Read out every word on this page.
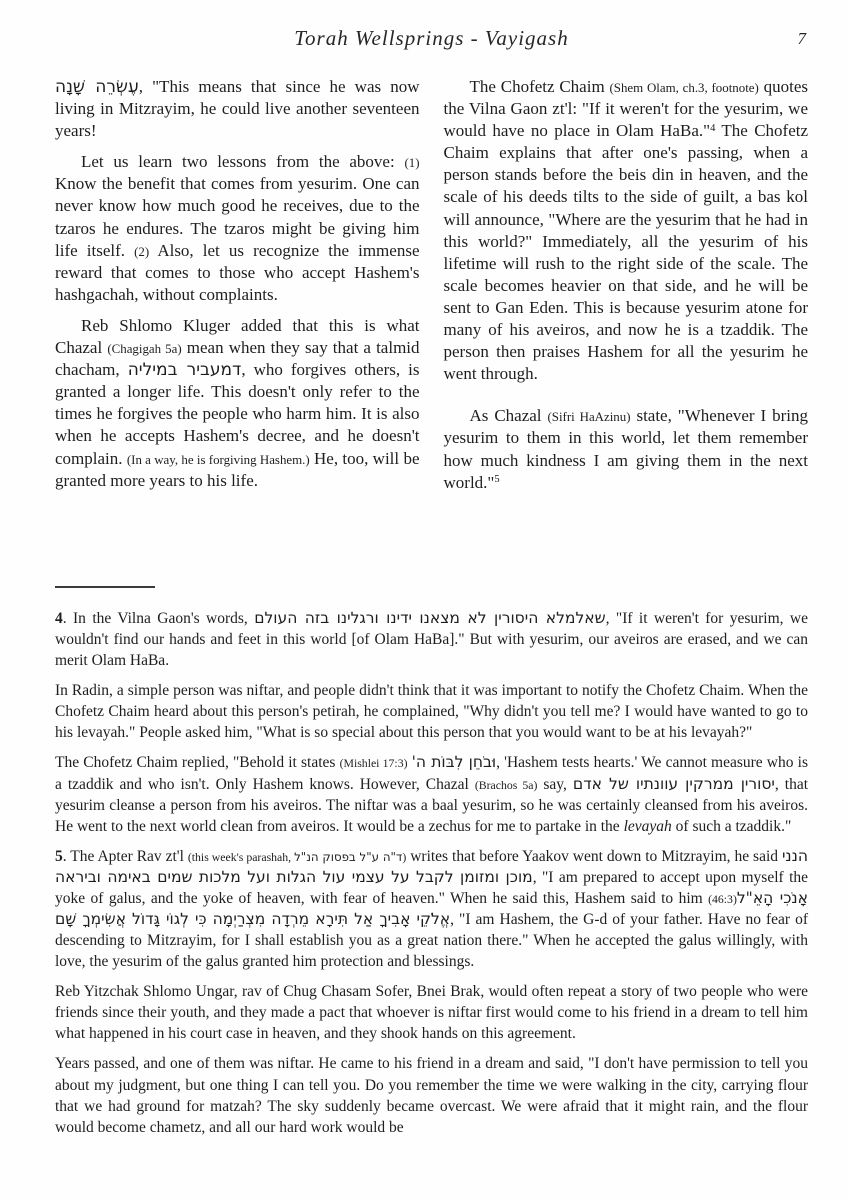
Torah Wellsprings - Vayigash	7

עֶשְׂרֵה שָׁנָה, "This means that since he was now living in Mitzrayim, he could live another seventeen years!

Let us learn two lessons from the above: (1) Know the benefit that comes from yesurim. One can never know how much good he receives, due to the tzaros he endures. The tzaros might be giving him life itself. (2) Also, let us recognize the immense reward that comes to those who accept Hashem's hashgachah, without complaints.

Reb Shlomo Kluger added that this is what Chazal (Chagigah 5a) mean when they say that a talmid chacham, דמעביר במיליה, who forgives others, is granted a longer life. This doesn't only refer to the times he forgives the people who harm him. It is also when he accepts Hashem's decree, and he doesn't complain. (In a way, he is forgiving Hashem.) He, too, will be granted more years to his life.

The Chofetz Chaim (Shem Olam, ch.3, footnote) quotes the Vilna Gaon zt'l: "If it weren't for the yesurim, we would have no place in Olam HaBa."$^4$ The Chofetz Chaim explains that after one's passing, when a person stands before the beis din in heaven, and the scale of his deeds tilts to the side of guilt, a bas kol will announce, "Where are the yesurim that he had in this world?" Immediately, all the yesurim of his lifetime will rush to the right side of the scale. The scale becomes heavier on that side, and he will be sent to Gan Eden. This is because yesurim atone for many of his aveiros, and now he is a tzaddik. The person then praises Hashem for all the yesurim he went through.

As Chazal (Sifri HaAzinu) state, "Whenever I bring yesurim to them in this world, let them remember how much kindness I am giving them in the next world."$^5$

4. In the Vilna Gaon's words, שאלמלא היסורין לא מצאנו ידינו ורגלינו בזה העולם, "If it weren't for yesurim, we wouldn't find our hands and feet in this world [of Olam HaBa]." But with yesurim, our aveiros are erased, and we can merit Olam HaBa.

In Radin, a simple person was niftar, and people didn't think that it was important to notify the Chofetz Chaim. When the Chofetz Chaim heard about this person's petirah, he complained, "Why didn't you tell me? I would have wanted to go to his levayah." People asked him, "What is so special about this person that you would want to be at his levayah?"

The Chofetz Chaim replied, "Behold it states (Mishlei 17:3) וּבֹחֵן לִבּוֹת ה', 'Hashem tests hearts.' We cannot measure who is a tzaddik and who isn't. Only Hashem knows. However, Chazal (Brachos 5a) say, יסורין ממרקין עוונתיו של אדם, that yesurim cleanse a person from his aveiros. The niftar was a baal yesurim, so he was certainly cleansed from his aveiros. He went to the next world clean from aveiros. It would be a zechus for me to partake in the levayah of such a tzaddik."

5. The Apter Rav zt'l (this week's parashah, ד"ה ע"ל בפסוק הנ"ל) writes that before Yaakov went down to Mitzrayim, he said הנני מוכן ומזומן לקבל על עצמי עול הגלות ועל מלכות שמים באימה וביראה, "I am prepared to accept upon myself the yoke of galus, and the yoke of heaven, with fear of heaven." When he said this, Hashem said to him (46:3)אָנֹכִי הָאֵ"ל אֱלֹקֵי אָבִיךָ אַל תִּירָא מֵרְדָה מִצְרַיְמָה כִּי לְגוֹי גָּדוֹל אֲשִׂימְךָ שָׁם, "I am Hashem, the G-d of your father. Have no fear of descending to Mitzrayim, for I shall establish you as a great nation there." When he accepted the galus willingly, with love, the yesurim of the galus granted him protection and blessings.

Reb Yitzchak Shlomo Ungar, rav of Chug Chasam Sofer, Bnei Brak, would often repeat a story of two people who were friends since their youth, and they made a pact that whoever is niftar first would come to his friend in a dream to tell him what happened in his court case in heaven, and they shook hands on this agreement.

Years passed, and one of them was niftar. He came to his friend in a dream and said, "I don't have permission to tell you about my judgment, but one thing I can tell you. Do you remember the time we were walking in the city, carrying flour that we had ground for matzah? The sky suddenly became overcast. We were afraid that it might rain, and the flour would become chametz, and all our hard work would be
